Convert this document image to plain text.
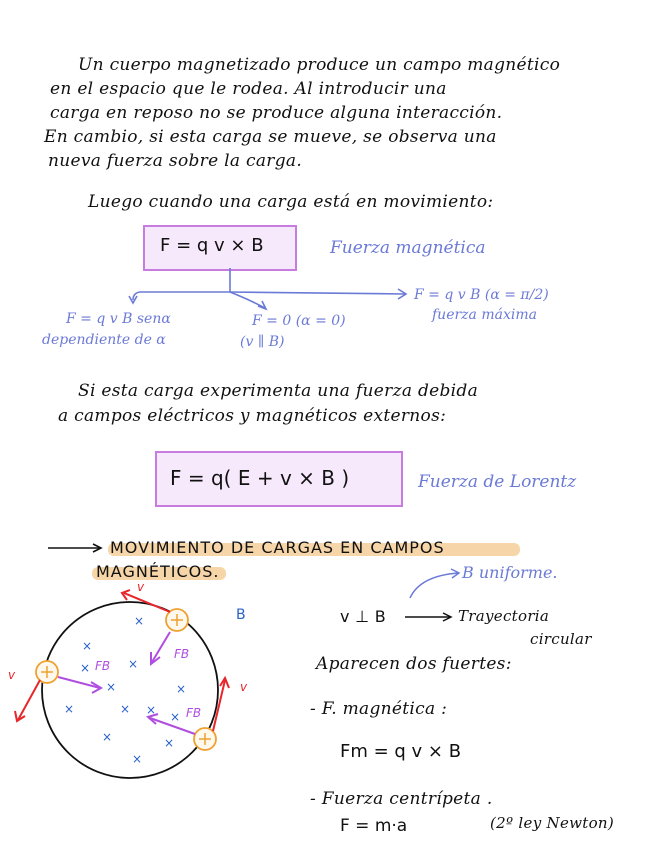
Un cuerpo magnetizado produce un campo magnético
en el espacio que le rodea. Al introducir una
carga en reposo no se produce alguna interacción.
En cambio, si esta carga se mueve, se observa una
nueva fuerza sobre la carga.
Luego cuando una carga está en movimiento:
F = q v × B	Fuerza magnética
F = q v B senα
dependiente de α
F = 0 (α = 0)
(v ∥ B)
F = q v B (α = π/2)
fuerza máxima
Si esta carga experimenta una fuerza debida
a campos eléctricos y magnéticos externos:
F = q( E + v × B )	Fuerza de Lorentz
MOVIMIENTO DE CARGAS EN CAMPOS
MAGNÉTICOS.	B uniforme.
v ⊥ B	Trayectoria
circular
Aparecen dos fuertes:
- F. magnética :
Fm = q v × B
- Fuerza centrípeta .
F = m·a	(2º ley Newton)
×
×
×	×
×	×
×	×
×
×	×
×
×
v
v
v
B
FB
FB
FB
